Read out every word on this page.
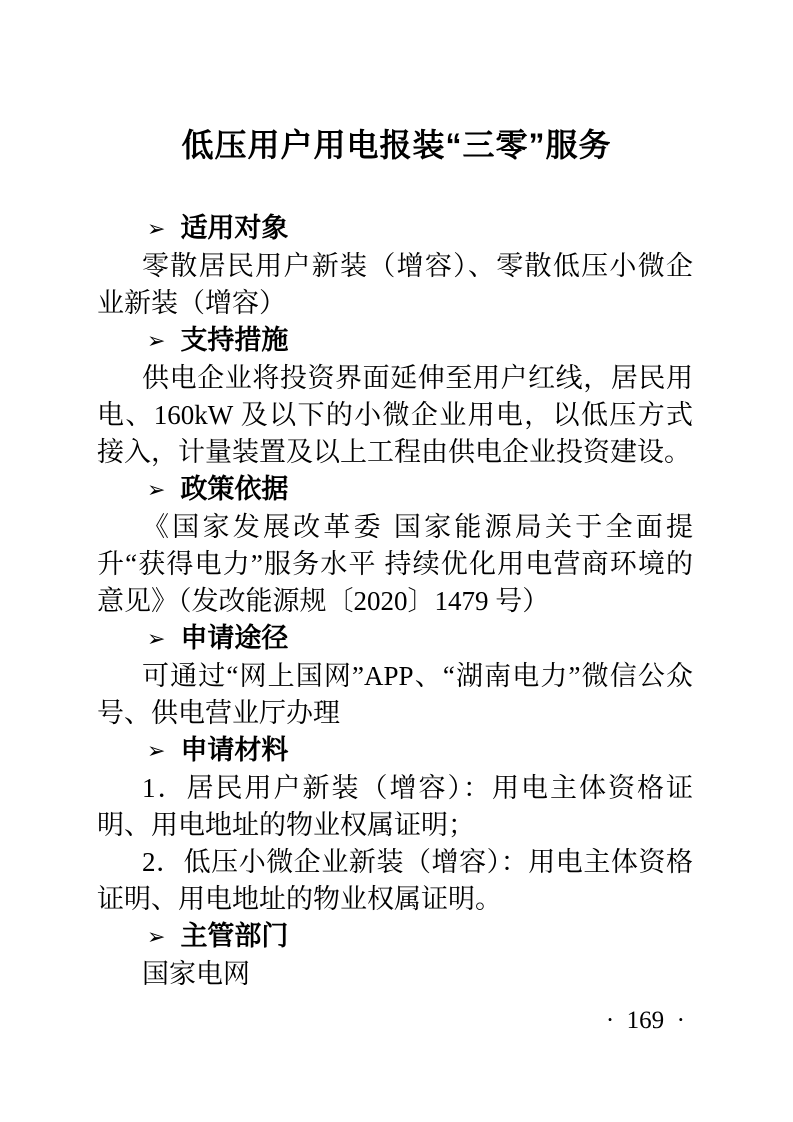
低压用户用电报装“三零”服务
➢ 适用对象

零散居民用户新装（增容）、零散低压小微企业新装（增容）

➢ 支持措施

供电企业将投资界面延伸至用户红线，居民用电、160kW 及以下的小微企业用电，以低压方式接入，计量装置及以上工程由供电企业投资建设。

➢ 政策依据

《国家发展改革委 国家能源局关于全面提升“获得电力”服务水平 持续优化用电营商环境的意见》（发改能源规〔2020〕1479 号）

➢ 申请途径

可通过“网上国网”APP、“湖南电力”微信公众号、供电营业厅办理

➢ 申请材料

1．居民用户新装（增容）：用电主体资格证明、用电地址的物业权属证明；

2．低压小微企业新装（增容）：用电主体资格证明、用电地址的物业权属证明。

➢ 主管部门

国家电网

·  169  ·
